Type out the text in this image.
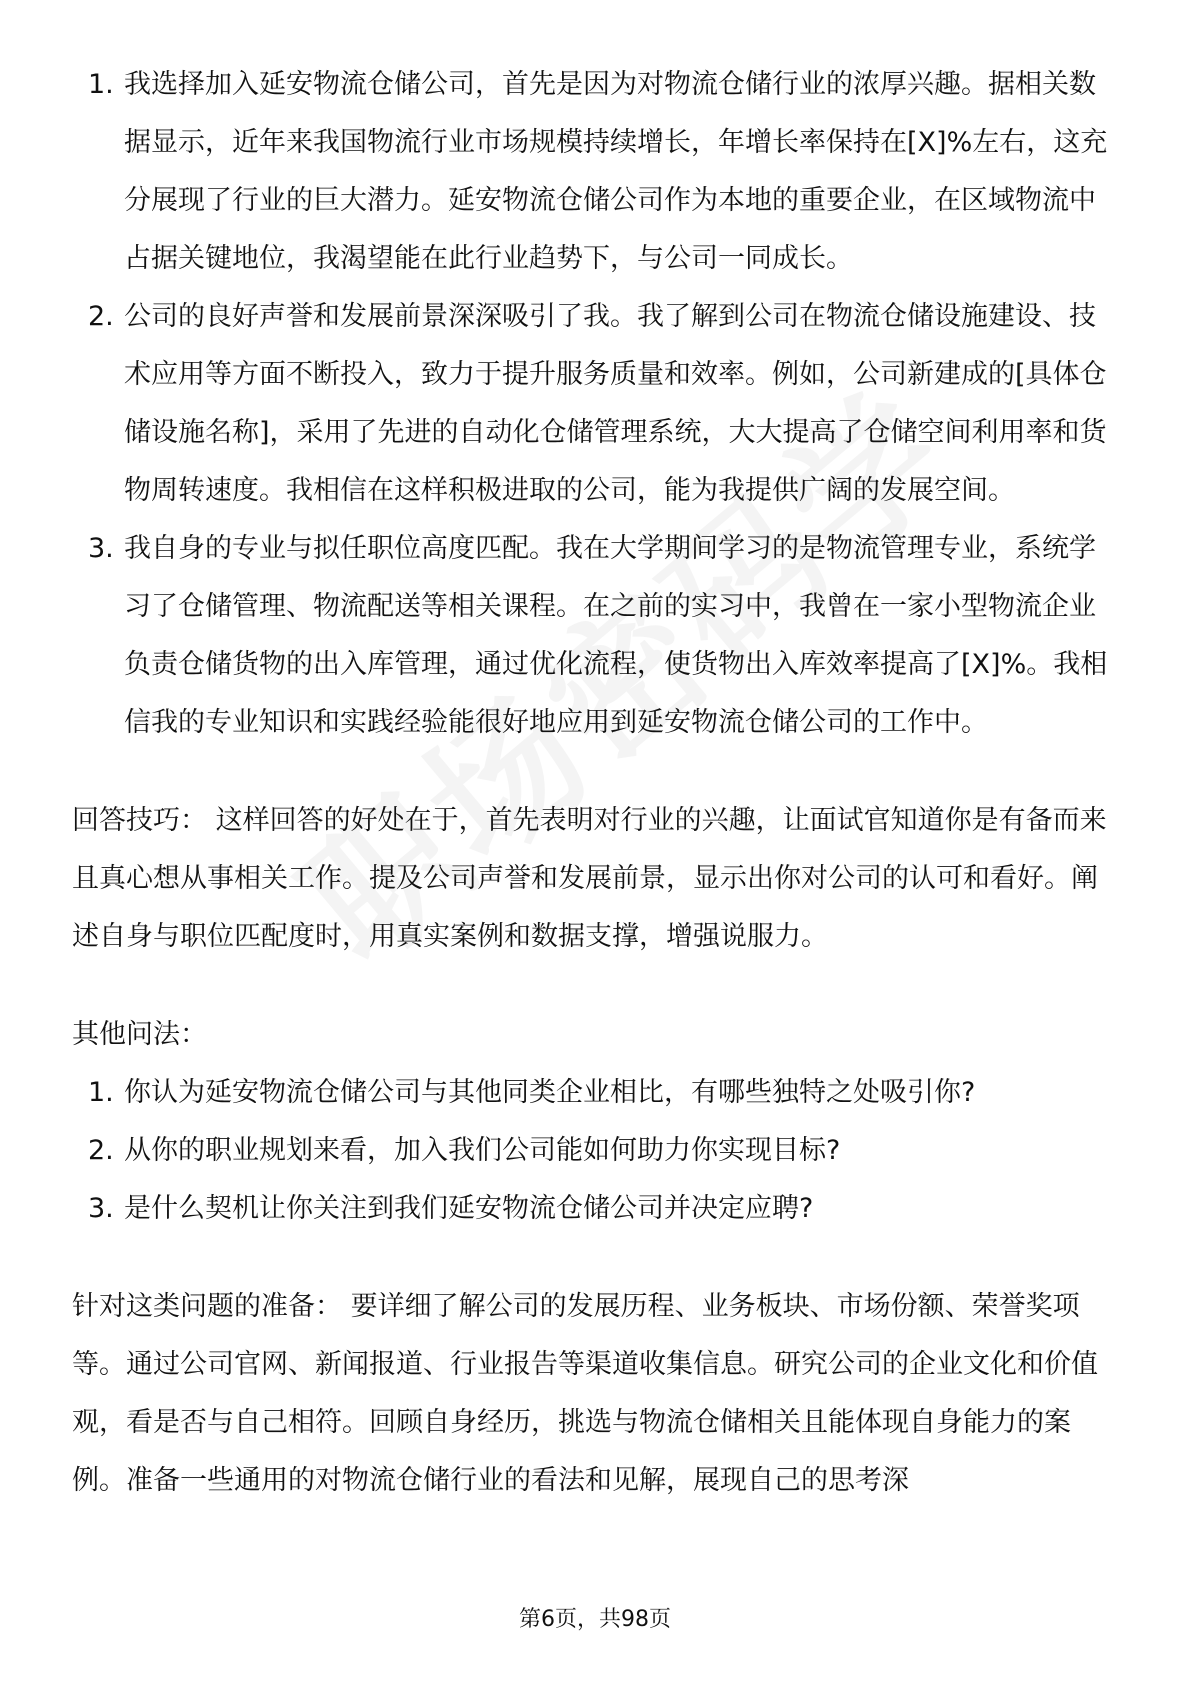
1. 我选择加入延安物流仓储公司，首先是因为对物流仓储行业的浓厚兴趣。据相关数据显示，近年来我国物流行业市场规模持续增长，年增长率保持在[X]%左右，这充分展现了行业的巨大潜力。延安物流仓储公司作为本地的重要企业，在区域物流中占据关键地位，我渴望能在此行业趋势下，与公司一同成长。
2. 公司的良好声誉和发展前景深深吸引了我。我了解到公司在物流仓储设施建设、技术应用等方面不断投入，致力于提升服务质量和效率。例如，公司新建成的[具体仓储设施名称]，采用了先进的自动化仓储管理系统，大大提高了仓储空间利用率和货物周转速度。我相信在这样积极进取的公司，能为我提供广阔的发展空间。
3. 我自身的专业与拟任职位高度匹配。我在大学期间学习的是物流管理专业，系统学习了仓储管理、物流配送等相关课程。在之前的实习中，我曾在一家小型物流企业负责仓储货物的出入库管理，通过优化流程，使货物出入库效率提高了[X]%。我相信我的专业知识和实践经验能很好地应用到延安物流仓储公司的工作中。

回答技巧： 这样回答的好处在于，首先表明对行业的兴趣，让面试官知道你是有备而来且真心想从事相关工作。提及公司声誉和发展前景，显示出你对公司的认可和看好。阐述自身与职位匹配度时，用真实案例和数据支撑，增强说服力。

其他问法：

1. 你认为延安物流仓储公司与其他同类企业相比，有哪些独特之处吸引你?
2. 从你的职业规划来看，加入我们公司能如何助力你实现目标?
3. 是什么契机让你关注到我们延安物流仓储公司并决定应聘?

针对这类问题的准备： 要详细了解公司的发展历程、业务板块、市场份额、荣誉奖项等。通过公司官网、新闻报道、行业报告等渠道收集信息。研究公司的企业文化和价值观，看是否与自己相符。回顾自身经历，挑选与物流仓储相关且能体现自身能力的案例。准备一些通用的对物流仓储行业的看法和见解，展现自己的思考深

第6页，共98页
